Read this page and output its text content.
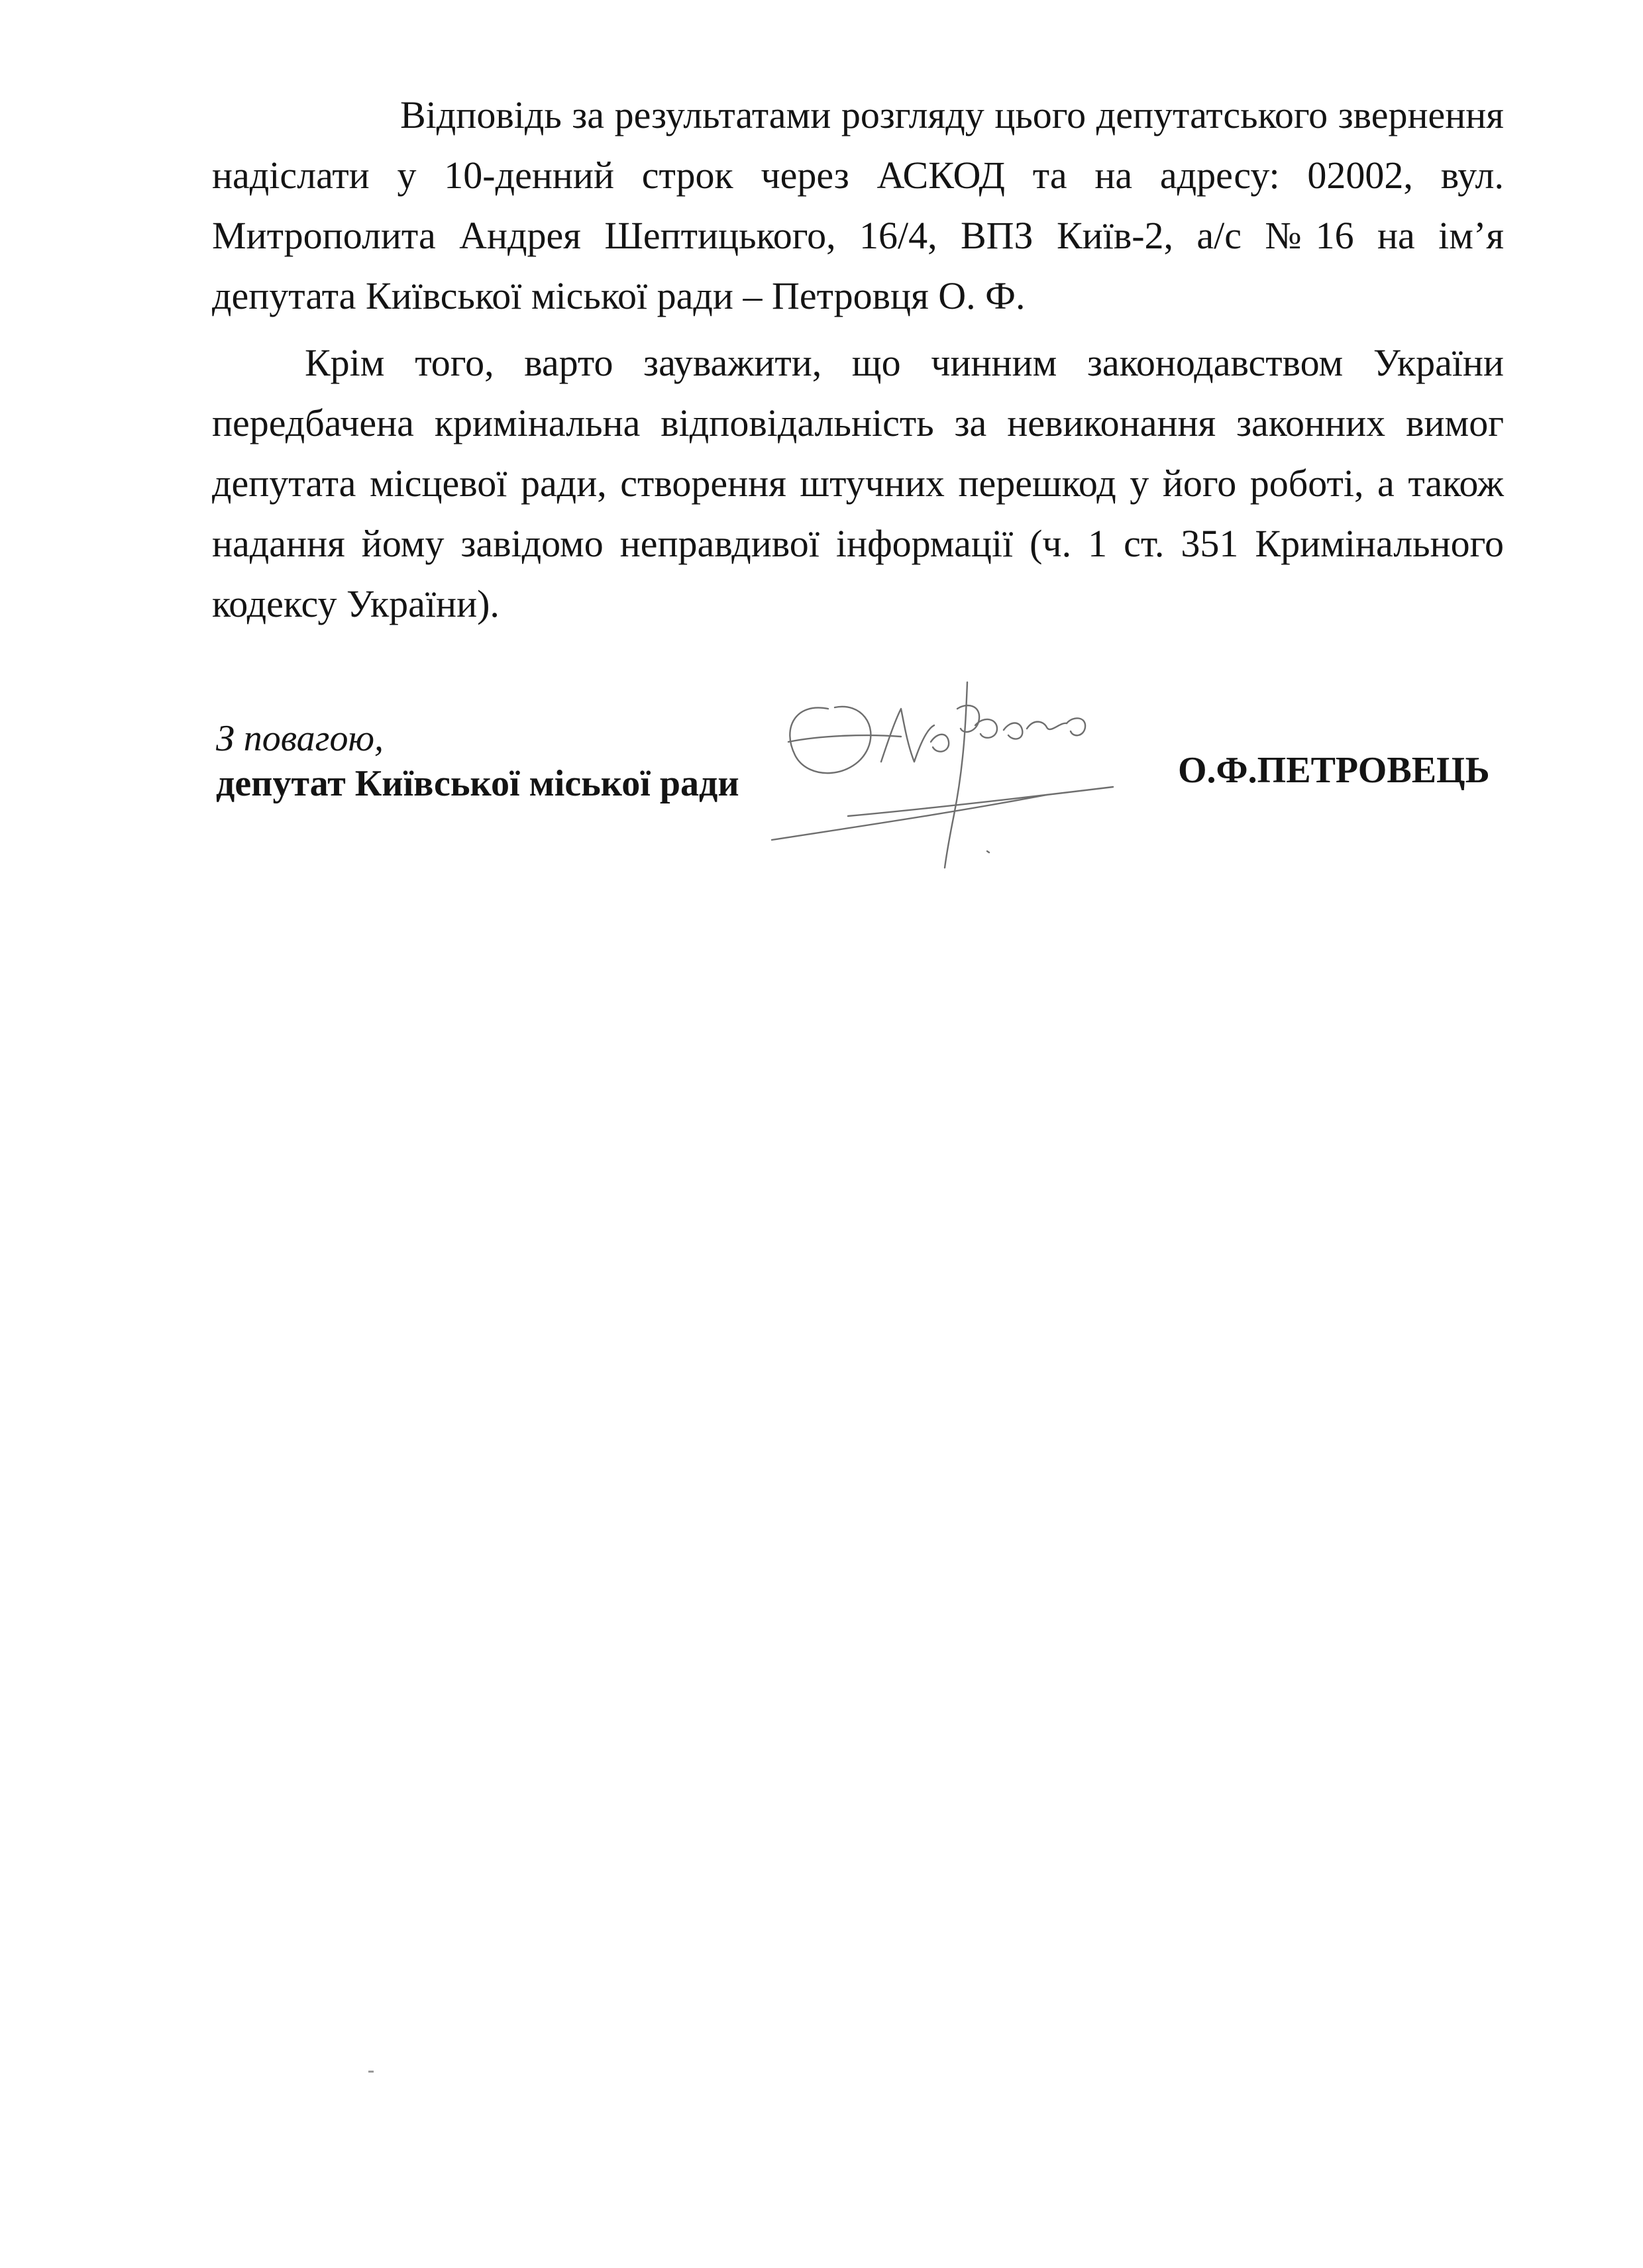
Відповідь за результатами розгляду цього депутатського звернення надіслати у 10-денний строк через АСКОД та на адресу: 02002, вул. Митрополита Андрея Шептицького, 16/4, ВПЗ Київ-2, а/с №16 на ім’я депутата Київської міської ради – Петровця О. Ф.

Крім того, варто зауважити, що чинним законодавством України передбачена кримінальна відповідальність за невиконання законних вимог депутата місцевої ради, створення штучних перешкод у його роботі, а також надання йому завідомо неправдивої інформації (ч. 1 ст. 351 Кримінального кодексу України).

З повагою,
депутат Київської міської ради	О.Ф.ПЕТРОВЕЦЬ
